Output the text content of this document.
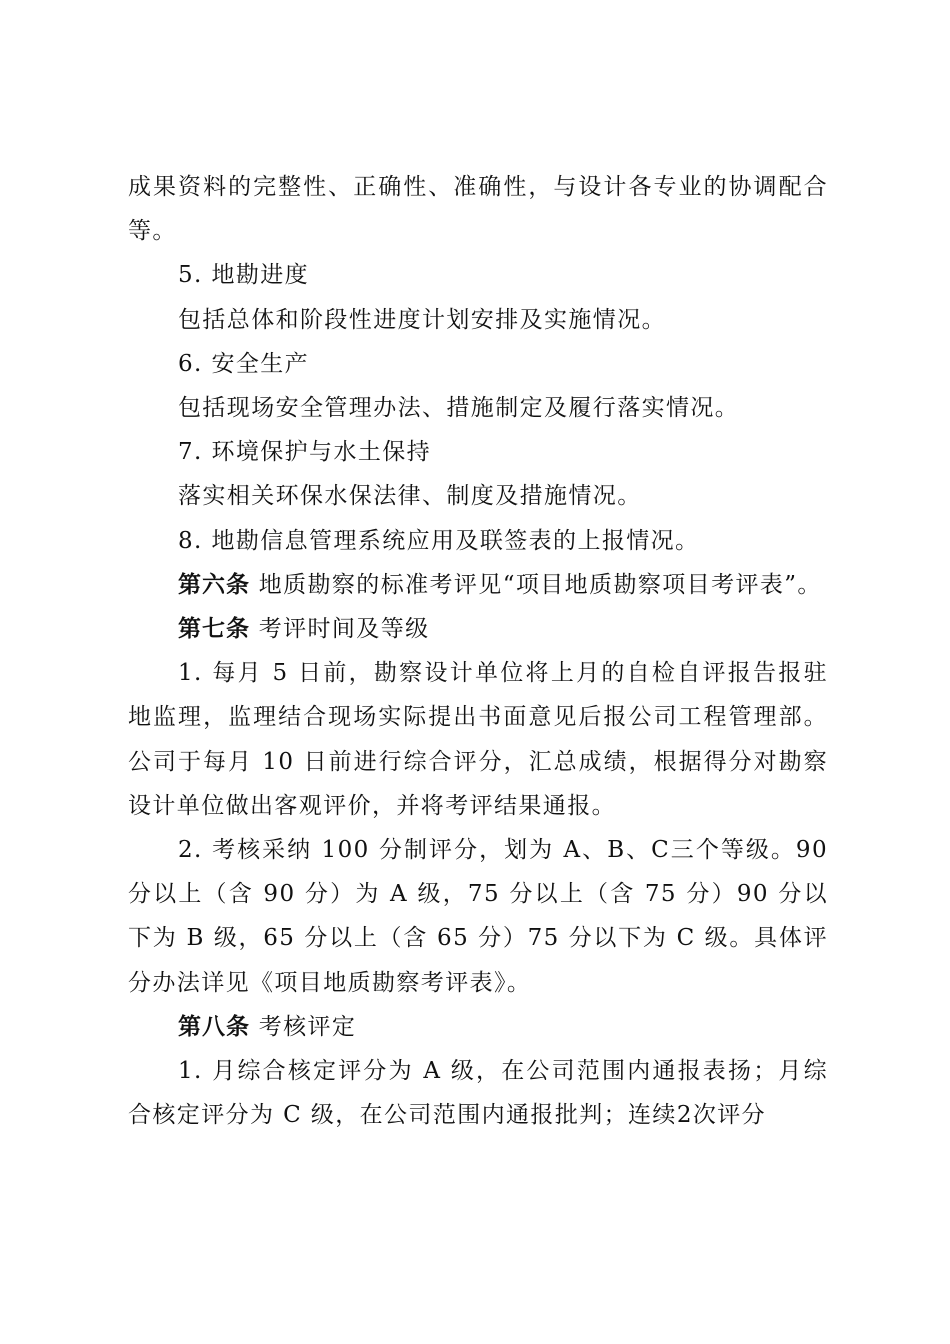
成果资料的完整性、正确性、准确性，与设计各专业的协调配合等。

5. 地勘进度

包括总体和阶段性进度计划安排及实施情况。

6. 安全生产

包括现场安全管理办法、措施制定及履行落实情况。

7. 环境保护与水土保持

落实相关环保水保法律、制度及措施情况。

8. 地勘信息管理系统应用及联签表的上报情况。

第六条 地质勘察的标准考评见“项目地质勘察项目考评表”。

第七条 考评时间及等级

1. 每月 5 日前，勘察设计单位将上月的自检自评报告报驻地监理，监理结合现场实际提出书面意见后报公司工程管理部。公司于每月 10 日前进行综合评分，汇总成绩，根据得分对勘察设计单位做出客观评价，并将考评结果通报。

2. 考核采纳 100 分制评分，划为 A、B、C三个等级。90 分以上（含 90 分）为 A 级，75 分以上（含 75 分）90 分以下为 B 级，65 分以上（含 65 分）75 分以下为 C 级。具体评分办法详见《项目地质勘察考评表》。

第八条 考核评定

1. 月综合核定评分为 A 级，在公司范围内通报表扬；月综合核定评分为 C 级，在公司范围内通报批判；连续2次评分
